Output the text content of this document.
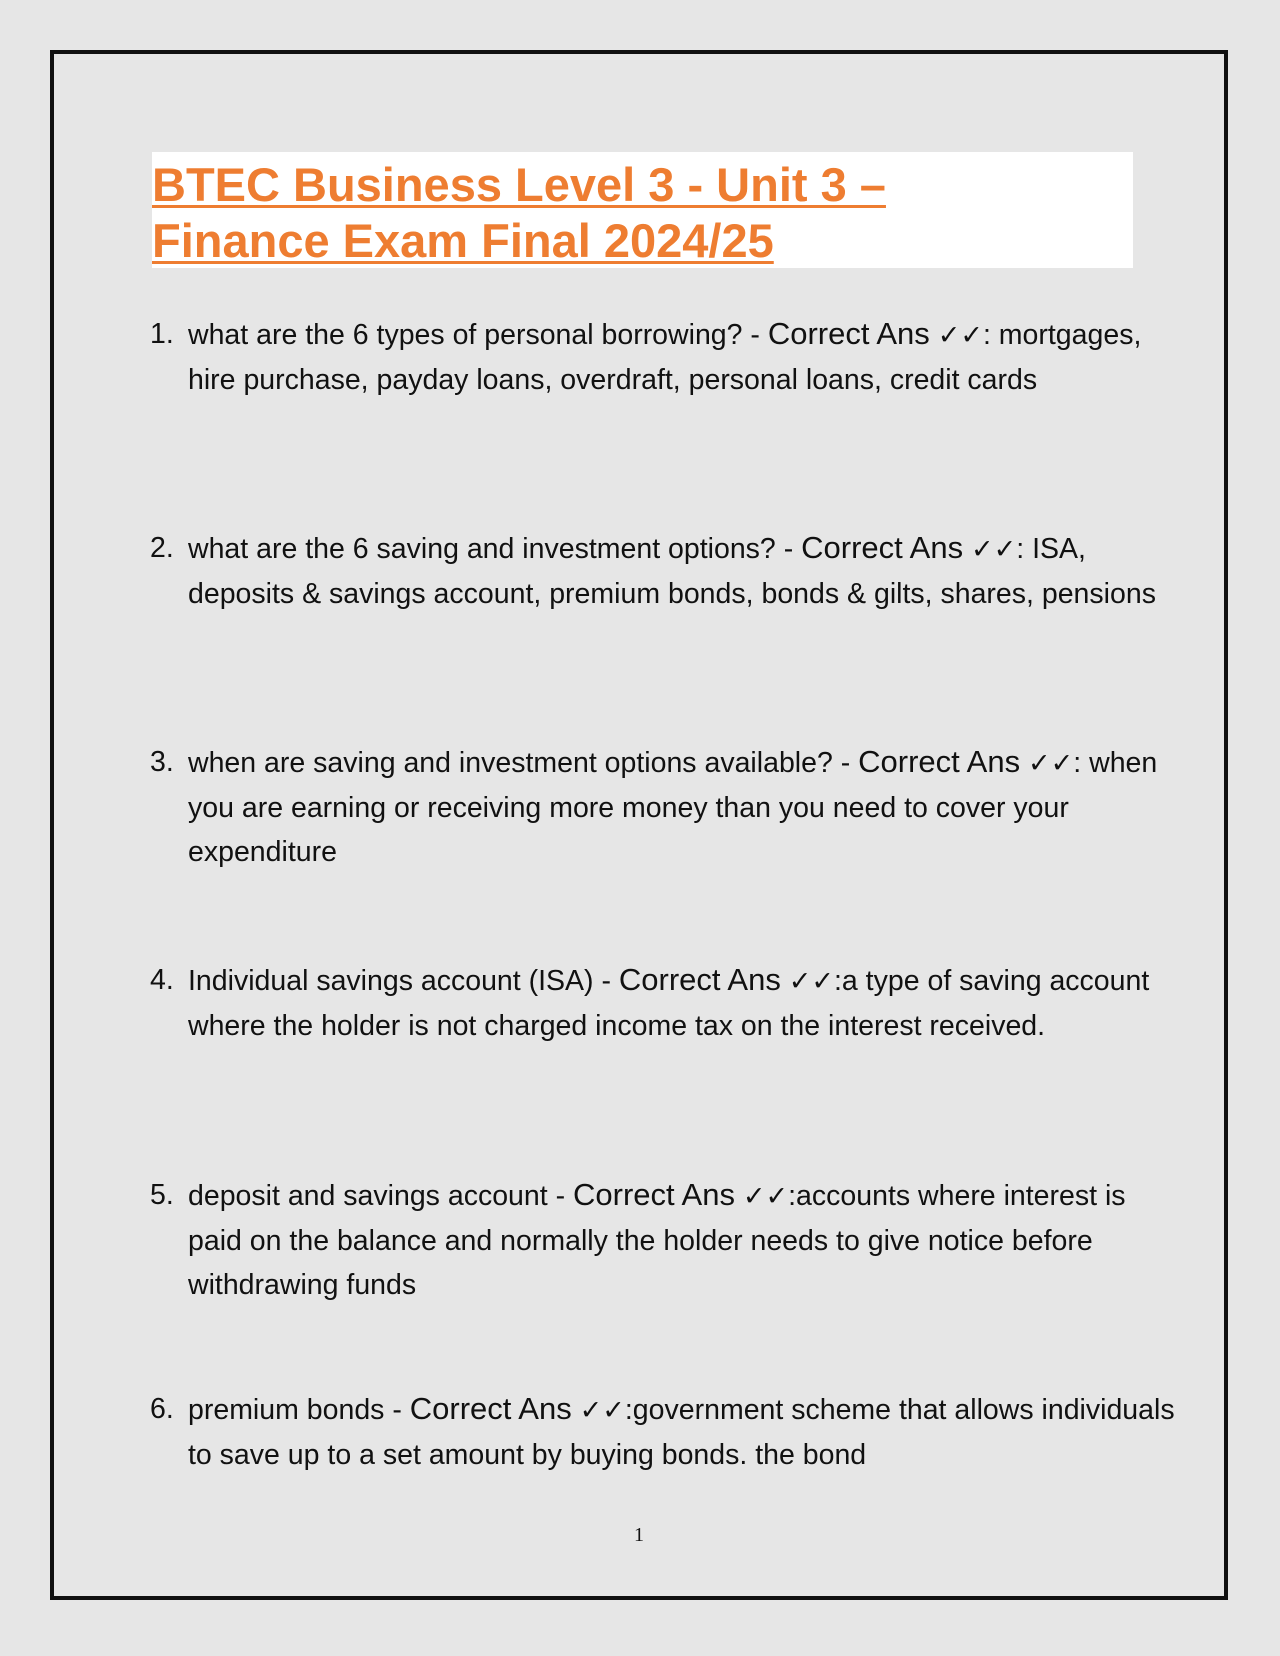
BTEC Business Level 3 - Unit 3 –
Finance Exam Final 2024/25
1. what are the 6 types of personal borrowing? - Correct Ans ✓✓: mortgages, hire purchase, payday loans, overdraft, personal loans, credit cards
2. what are the 6 saving and investment options? - Correct Ans ✓✓: ISA, deposits & savings account, premium bonds, bonds & gilts, shares, pensions
3. when are saving and investment options available? - Correct Ans ✓✓: when you are earning or receiving more money than you need to cover your expenditure
4. Individual savings account (ISA) - Correct Ans ✓✓:a type of saving account where the holder is not charged income tax on the interest received.
5. deposit and savings account - Correct Ans ✓✓:accounts where interest is paid on the balance and normally the holder needs to give notice before withdrawing funds
6. premium bonds - Correct Ans ✓✓:government scheme that allows individuals to save up to a set amount by buying bonds. the bond
1
